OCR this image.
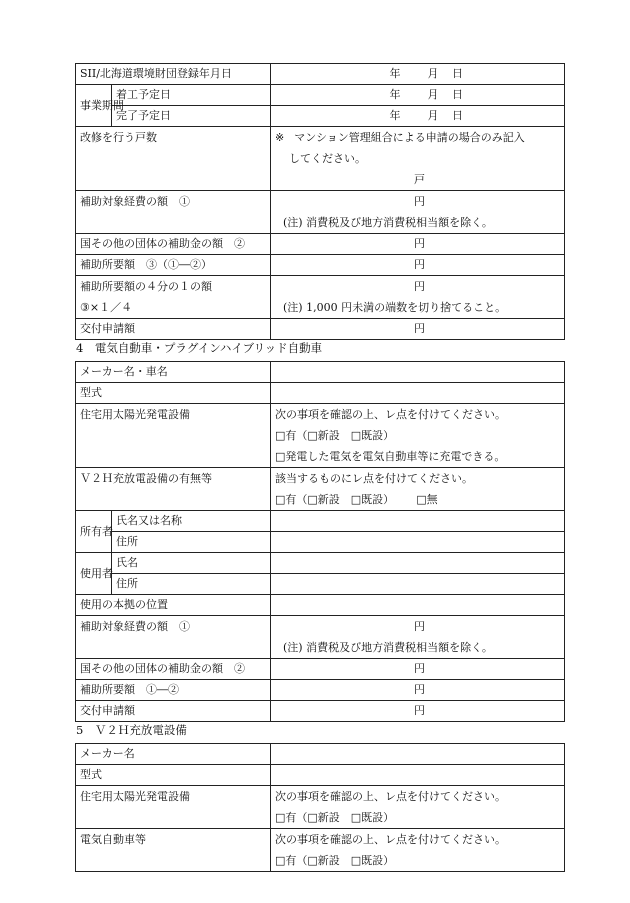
SII/北海道環境財団登録年月日		年 月 日
事業期間	着工予定日	年 月 日
	完了予定日	年 月 日

改修を行う戸数		※ マンション管理組合による申請の場合のみ記入
してください。
戸

補助対象経費の額　①		円
(注) 消費税及び地方消費税相当額を除く。

国その他の団体の補助金の額　②		円
補助所要額　③（①―②）		円

補助所要額の４分の１の額
③×１／４		円
(注) 1,000 円未満の端数を切り捨てること。

交付申請額		円
4　電気自動車・プラグインハイブリッド自動車
メーカー名・車名		
型式		

住宅用太陽光発電設備		次の事項を確認の上、レ点を付けてください。
□有（□新設　□既設）
□発電した電気を電気自動車等に充電できる。

Ｖ２Ｈ充放電設備の有無等		該当するものにレ点を付けてください。
□有（□新設　□既設） □無

所有者	氏名又は名称	
	住所	
使用者	氏名	
	住所	
使用の本拠の位置		

補助対象経費の額　①		円
(注) 消費税及び地方消費税相当額を除く。

国その他の団体の補助金の額　②		円
補助所要額　①―②		円
交付申請額		円
5　Ｖ２Ｈ充放電設備
メーカー名	
型式	

住宅用太陽光発電設備	次の事項を確認の上、レ点を付けてください。
□有（□新設　□既設）

電気自動車等	次の事項を確認の上、レ点を付けてください。
□有（□新設　□既設）
